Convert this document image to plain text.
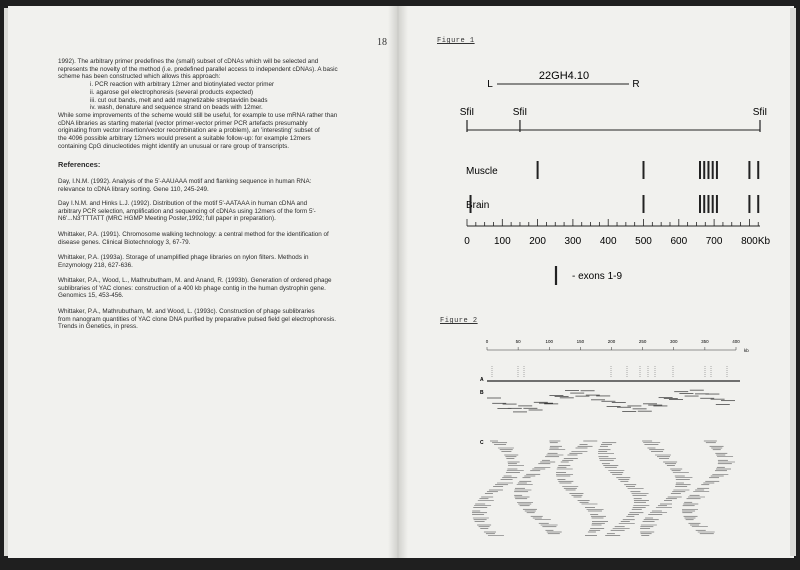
18
1992). The arbitrary primer predefines the (small) subset of cDNAs which will be selected and
represents the novelty of the method (i.e. predefined parallel access to independent cDNAs). A basic
scheme has been constructed which allows this approach:
i. PCR reaction with arbitrary 12mer and biotinylated vector primer
ii. agarose gel electrophoresis (several products expected)
iii. cut out bands, melt and add magnetizable streptavidin beads
iv. wash, denature and sequence strand on beads with 12mer.
While some improvements of the scheme would still be useful, for example to use mRNA rather than
cDNA libraries as starting material (vector primer-vector primer PCR artefacts presumably
originating from vector insertion/vector recombination are a problem), an 'interesting' subset of
the 4096 possible arbitrary 12mers would present a suitable follow-up: for example 12mers
containing CpG dinucleotides might identify an unusual or rare group of transcripts.
References:
Day, I.N.M. (1992). Analysis of the 5'-AAUAAA motif and flanking sequence in human RNA:
relevance to cDNA library sorting. Gene 110, 245-249.
Day I.N.M. and Hinks L.J. (1992). Distribution of the motif 5'-AATAAA in human cDNA and
arbitrary PCR selection, amplification and sequencing of cDNAs using 12mers of the form 5'-
N6'...N3'TTTATT (MRC HGMP Meeting Poster,1992; full paper in preparation).
Whittaker, P.A. (1991). Chromosome walking technology: a central method for the identification of
disease genes. Clinical Biotechnology 3, 67-79.
Whittaker, P.A. (1993a). Storage of unamplified phage libraries on nylon filters. Methods in
Enzymology 218, 627-636.
Whittaker, P.A., Wood, L., Mathrubutham, M. and Anand, R. (1993b). Generation of ordered phage
sublibraries of YAC clones: construction of a 400 kb phage contig in the human dystrophin gene.
Genomics 15, 453-456.
Whittaker, P.A., Mathrubutham, M. and Wood, L. (1993c). Construction of phage sublibraries
from nanogram quantities of YAC clone DNA purified by preparative pulsed field gel electrophoresis.
Trends in Genetics, in press.
Figure 1
22GH4.10
L	R
SfiI	SfiI	SfiI
Muscle
Brain
0 100 200 300 400 500 600 700 800 Kb
- exons 1-9
Figure 2
0	50	100	150	200	250	300	350	400
kb
A
B
C
